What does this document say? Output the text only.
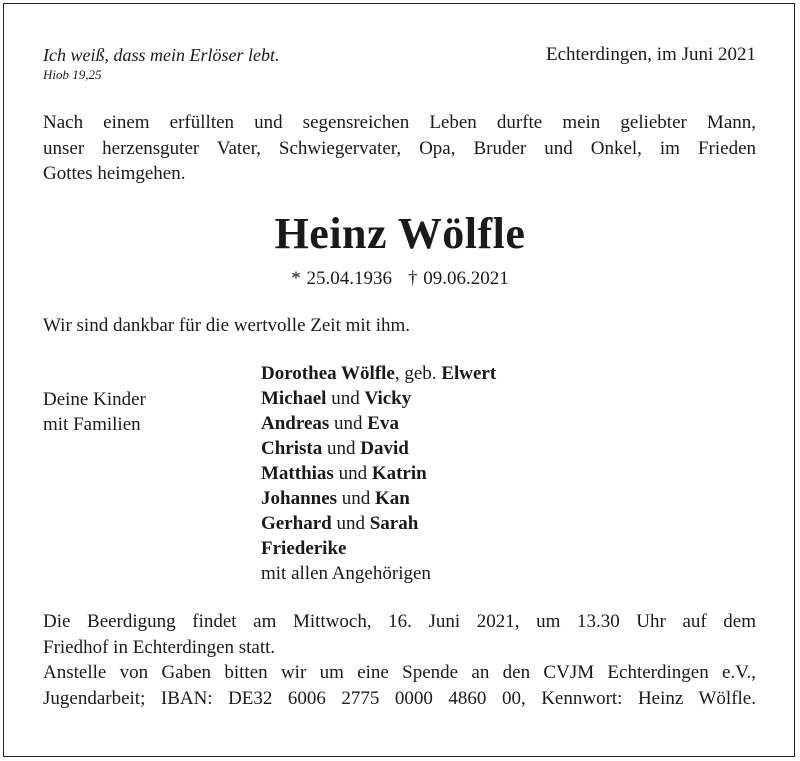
Ich weiß, dass mein Erlöser lebt.
Hiob 19,25
Echterdingen, im Juni 2021
Nach einem erfüllten und segensreichen Leben durfte mein geliebter Mann,
unser herzensguter Vater, Schwiegervater, Opa, Bruder und Onkel, im Frieden
Gottes heimgehen.
Heinz Wölfle
* 25.04.1936 † 09.06.2021
Wir sind dankbar für die wertvolle Zeit mit ihm.
Deine Kinder
mit Familien
Dorothea Wölfle, geb. Elwert
Michael und Vicky
Andreas und Eva
Christa und David
Matthias und Katrin
Johannes und Kan
Gerhard und Sarah
Friederike
mit allen Angehörigen
Die Beerdigung findet am Mittwoch, 16. Juni 2021, um 13.30 Uhr auf dem
Friedhof in Echterdingen statt.
Anstelle von Gaben bitten wir um eine Spende an den CVJM Echterdingen e.V.,
Jugendarbeit; IBAN: DE32 6006 2775 0000 4860 00, Kennwort: Heinz Wölfle.
